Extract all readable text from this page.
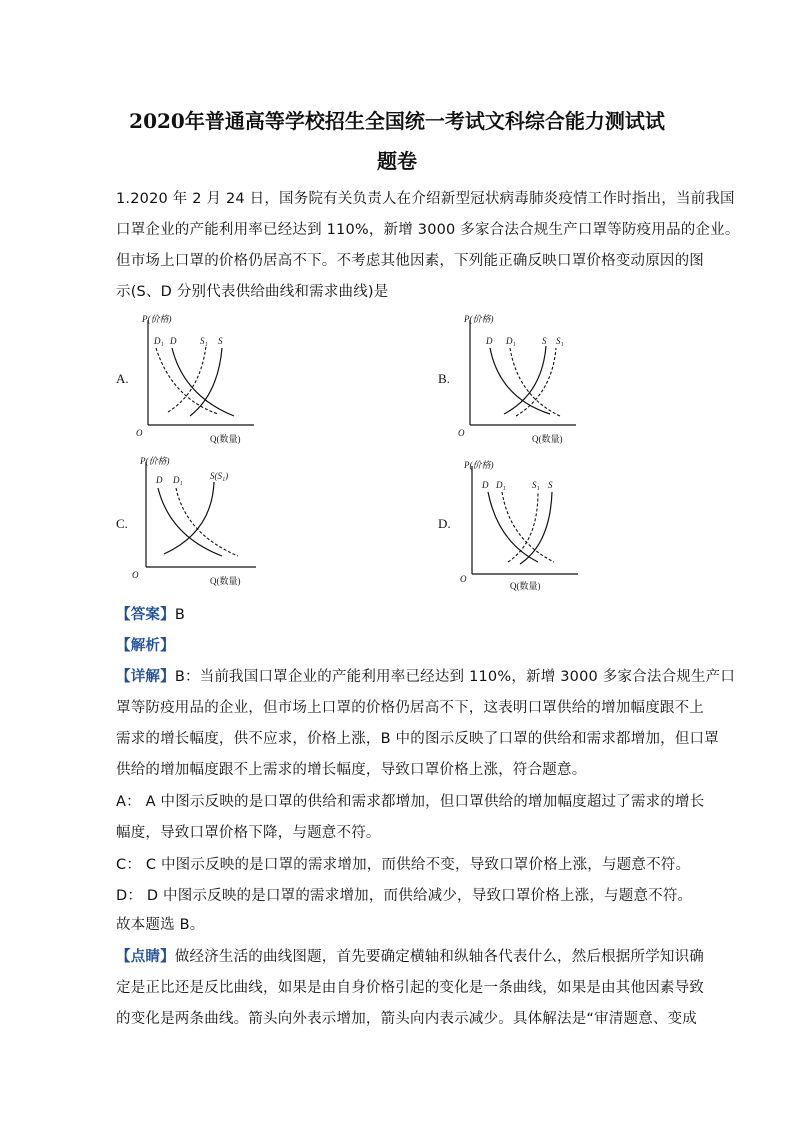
2020年普通高等学校招生全国统一考试文科综合能力测试试
题卷
1.2020 年 2 月 24 日，国务院有关负责人在介绍新型冠状病毒肺炎疫情工作时指出，当前我国
口罩企业的产能利用率已经达到 110%，新增 3000 多家合法合规生产口罩等防疫用品的企业。
但市场上口罩的价格仍居高不下。不考虑其他因素，下列能正确反映口罩价格变动原因的图
示(S、D 分别代表供给曲线和需求曲线)是
A.	B.
C.	D.
P(价格)
O
Q(数量)
D₁ D	S₁ S
P(价格)
O
Q(数量)
D D₁	S S₁
P(价格)
O
Q(数量)
D D₁	S(S₁)
P(价格)
O
Q(数量)
D D₁	S₁ S
【答案】B
【解析】
【详解】B：当前我国口罩企业的产能利用率已经达到 110%，新增 3000 多家合法合规生产口
罩等防疫用品的企业，但市场上口罩的价格仍居高不下，这表明口罩供给的增加幅度跟不上
需求的增长幅度，供不应求，价格上涨，B 中的图示反映了口罩的供给和需求都增加，但口罩
供给的增加幅度跟不上需求的增长幅度，导致口罩价格上涨，符合题意。
A： A 中图示反映的是口罩的供给和需求都增加，但口罩供给的增加幅度超过了需求的增长
幅度，导致口罩价格下降，与题意不符。
C： C 中图示反映的是口罩的需求增加，而供给不变，导致口罩价格上涨，与题意不符。
D： D 中图示反映的是口罩的需求增加，而供给减少，导致口罩价格上涨，与题意不符。
故本题选 B。
【点睛】做经济生活的曲线图题，首先要确定横轴和纵轴各代表什么，然后根据所学知识确
定是正比还是反比曲线，如果是由自身价格引起的变化是一条曲线，如果是由其他因素导致
的变化是两条曲线。箭头向外表示增加，箭头向内表示减少。具体解法是“审清题意、变成
